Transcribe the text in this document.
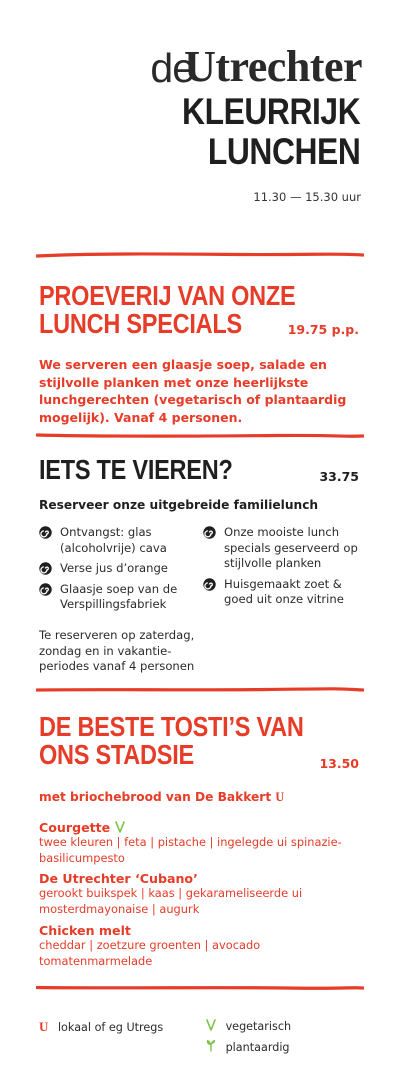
de
Utrechter
KLEURRIJK
LUNCHEN
11.30 — 15.30 uur
PROEVERIJ VAN ONZE
LUNCH SPECIALS	19.75 p.p.
We serveren een glaasje soep, salade en stijlvolle planken met onze heerlijkste lunchgerechten (vegetarisch of plantaardig mogelijk). Vanaf 4 personen.
IETS TE VIEREN?	33.75
Reserveer onze uitgebreide familielunch
Ontvangst: glas (alcoholvrije) cava
Verse jus d’orange
Glaasje soep van de Verspillingsfabriek
Onze mooiste lunch specials geserveerd op stijlvolle planken
Huisgemaakt zoet & goed uit onze vitrine
Te reserveren op zaterdag, zondag en in vakantie-periodes vanaf 4 personen
DE BESTE TOSTI’S VAN
ONS STADSIE	13.50
met briochebrood van De Bakkert U
Courgette
twee kleuren | feta | pistache | ingelegde ui spinazie-basilicumpesto
De Utrechter ‘Cubano’
gerookt buikspek | kaas | gekarameliseerde ui mosterdmayonaise | augurk
Chicken melt
cheddar | zoetzure groenten | avocado tomatenmarmelade
U lokaal of eg Utregs	vegetarisch
plantaardig
